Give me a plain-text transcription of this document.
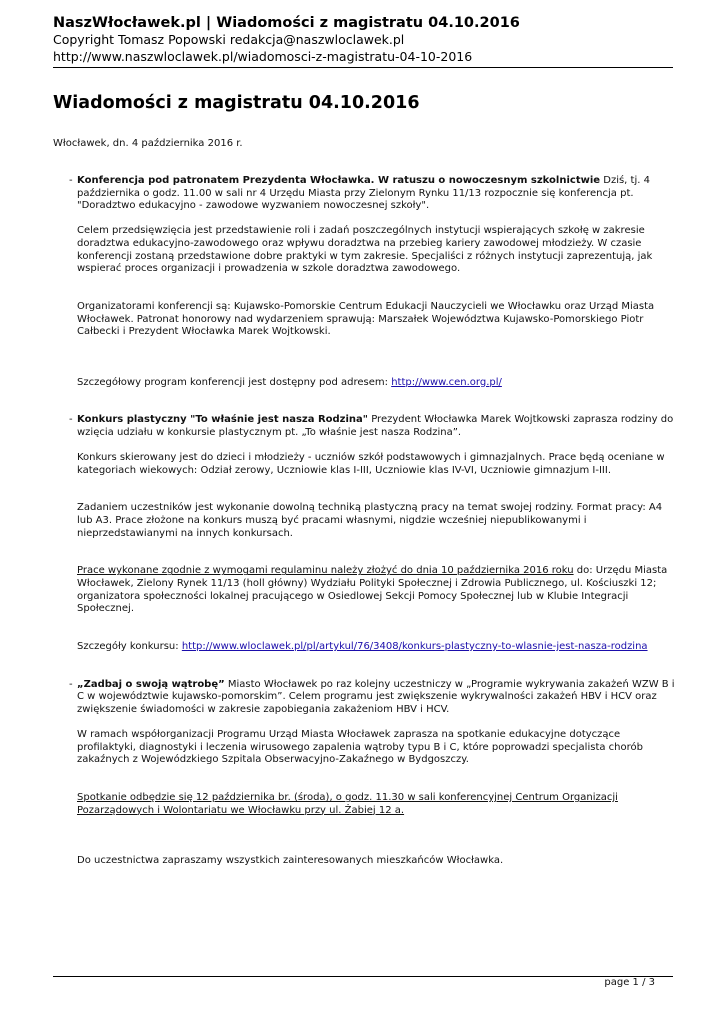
NaszWłocławek.pl | Wiadomości z magistratu 04.10.2016
Copyright Tomasz Popowski redakcja@naszwloclawek.pl
http://www.naszwloclawek.pl/wiadomosci-z-magistratu-04-10-2016
Wiadomości z magistratu 04.10.2016
Włocławek, dn. 4 października 2016 r.
- Konferencja pod patronatem Prezydenta Włocławka. W ratuszu o nowoczesnym szkolnictwie Dziś, tj. 4 października o godz. 11.00 w sali nr 4 Urzędu Miasta przy Zielonym Rynku 11/13 rozpocznie się konferencja pt. "Doradztwo edukacyjno - zawodowe wyzwaniem nowoczesnej szkoły".

Celem przedsięwzięcia jest przedstawienie roli i zadań poszczególnych instytucji wspierających szkołę w zakresie doradztwa edukacyjno-zawodowego oraz wpływu doradztwa na przebieg kariery zawodowej młodzieży. W czasie konferencji zostaną przedstawione dobre praktyki w tym zakresie. Specjaliści z różnych instytucji zaprezentują, jak wspierać proces organizacji i prowadzenia w szkole doradztwa zawodowego.

Organizatorami konferencji są: Kujawsko-Pomorskie Centrum Edukacji Nauczycieli we Włocławku oraz Urząd Miasta Włocławek. Patronat honorowy nad wydarzeniem sprawują: Marszałek Województwa Kujawsko-Pomorskiego Piotr Całbecki i Prezydent Włocławka Marek Wojtkowski.

Szczegółowy program konferencji jest dostępny pod adresem: http://www.cen.org.pl/

- Konkurs plastyczny "To właśnie jest nasza Rodzina" Prezydent Włocławka Marek Wojtkowski zaprasza rodziny do wzięcia udziału w konkursie plastycznym pt. „To właśnie jest nasza Rodzina”.

Konkurs skierowany jest do dzieci i młodzieży - uczniów szkół podstawowych i gimnazjalnych. Prace będą oceniane w kategoriach wiekowych: Odział zerowy, Uczniowie klas I-III, Uczniowie klas IV-VI, Uczniowie gimnazjum I-III.

Zadaniem uczestników jest wykonanie dowolną techniką plastyczną pracy na temat swojej rodziny. Format pracy: A4 lub A3. Prace złożone na konkurs muszą być pracami własnymi, nigdzie wcześniej niepublikowanymi i nieprzedstawianymi na innych konkursach.

Prace wykonane zgodnie z wymogami regulaminu należy złożyć do dnia 10 października 2016 roku do: Urzędu Miasta Włocławek, Zielony Rynek 11/13 (holl główny) Wydziału Polityki Społecznej i Zdrowia Publicznego, ul. Kościuszki 12; organizatora społeczności lokalnej pracującego w Osiedlowej Sekcji Pomocy Społecznej lub w Klubie Integracji Społecznej.

Szczegóły konkursu: http://www.wloclawek.pl/pl/artykul/76/3408/konkurs-plastyczny-to-wlasnie-jest-nasza-rodzina

- „Zadbaj o swoją wątrobę” Miasto Włocławek po raz kolejny uczestniczy w „Programie wykrywania zakażeń WZW B i C w województwie kujawsko-pomorskim”. Celem programu jest zwiększenie wykrywalności zakażeń HBV i HCV oraz zwiększenie świadomości w zakresie zapobiegania zakażeniom HBV i HCV.

W ramach współorganizacji Programu Urząd Miasta Włocławek zaprasza na spotkanie edukacyjne dotyczące profilaktyki, diagnostyki i leczenia wirusowego zapalenia wątroby typu B i C, które poprowadzi specjalista chorób zakaźnych z Wojewódzkiego Szpitala Obserwacyjno-Zakaźnego w Bydgoszczy.

Spotkanie odbędzie się 12 października br. (środa), o godz. 11.30 w sali konferencyjnej Centrum Organizacji Pozarządowych i Wolontariatu we Włocławku przy ul. Żabiej 12 a.

Do uczestnictwa zapraszamy wszystkich zainteresowanych mieszkańców Włocławka.

page 1 / 3
